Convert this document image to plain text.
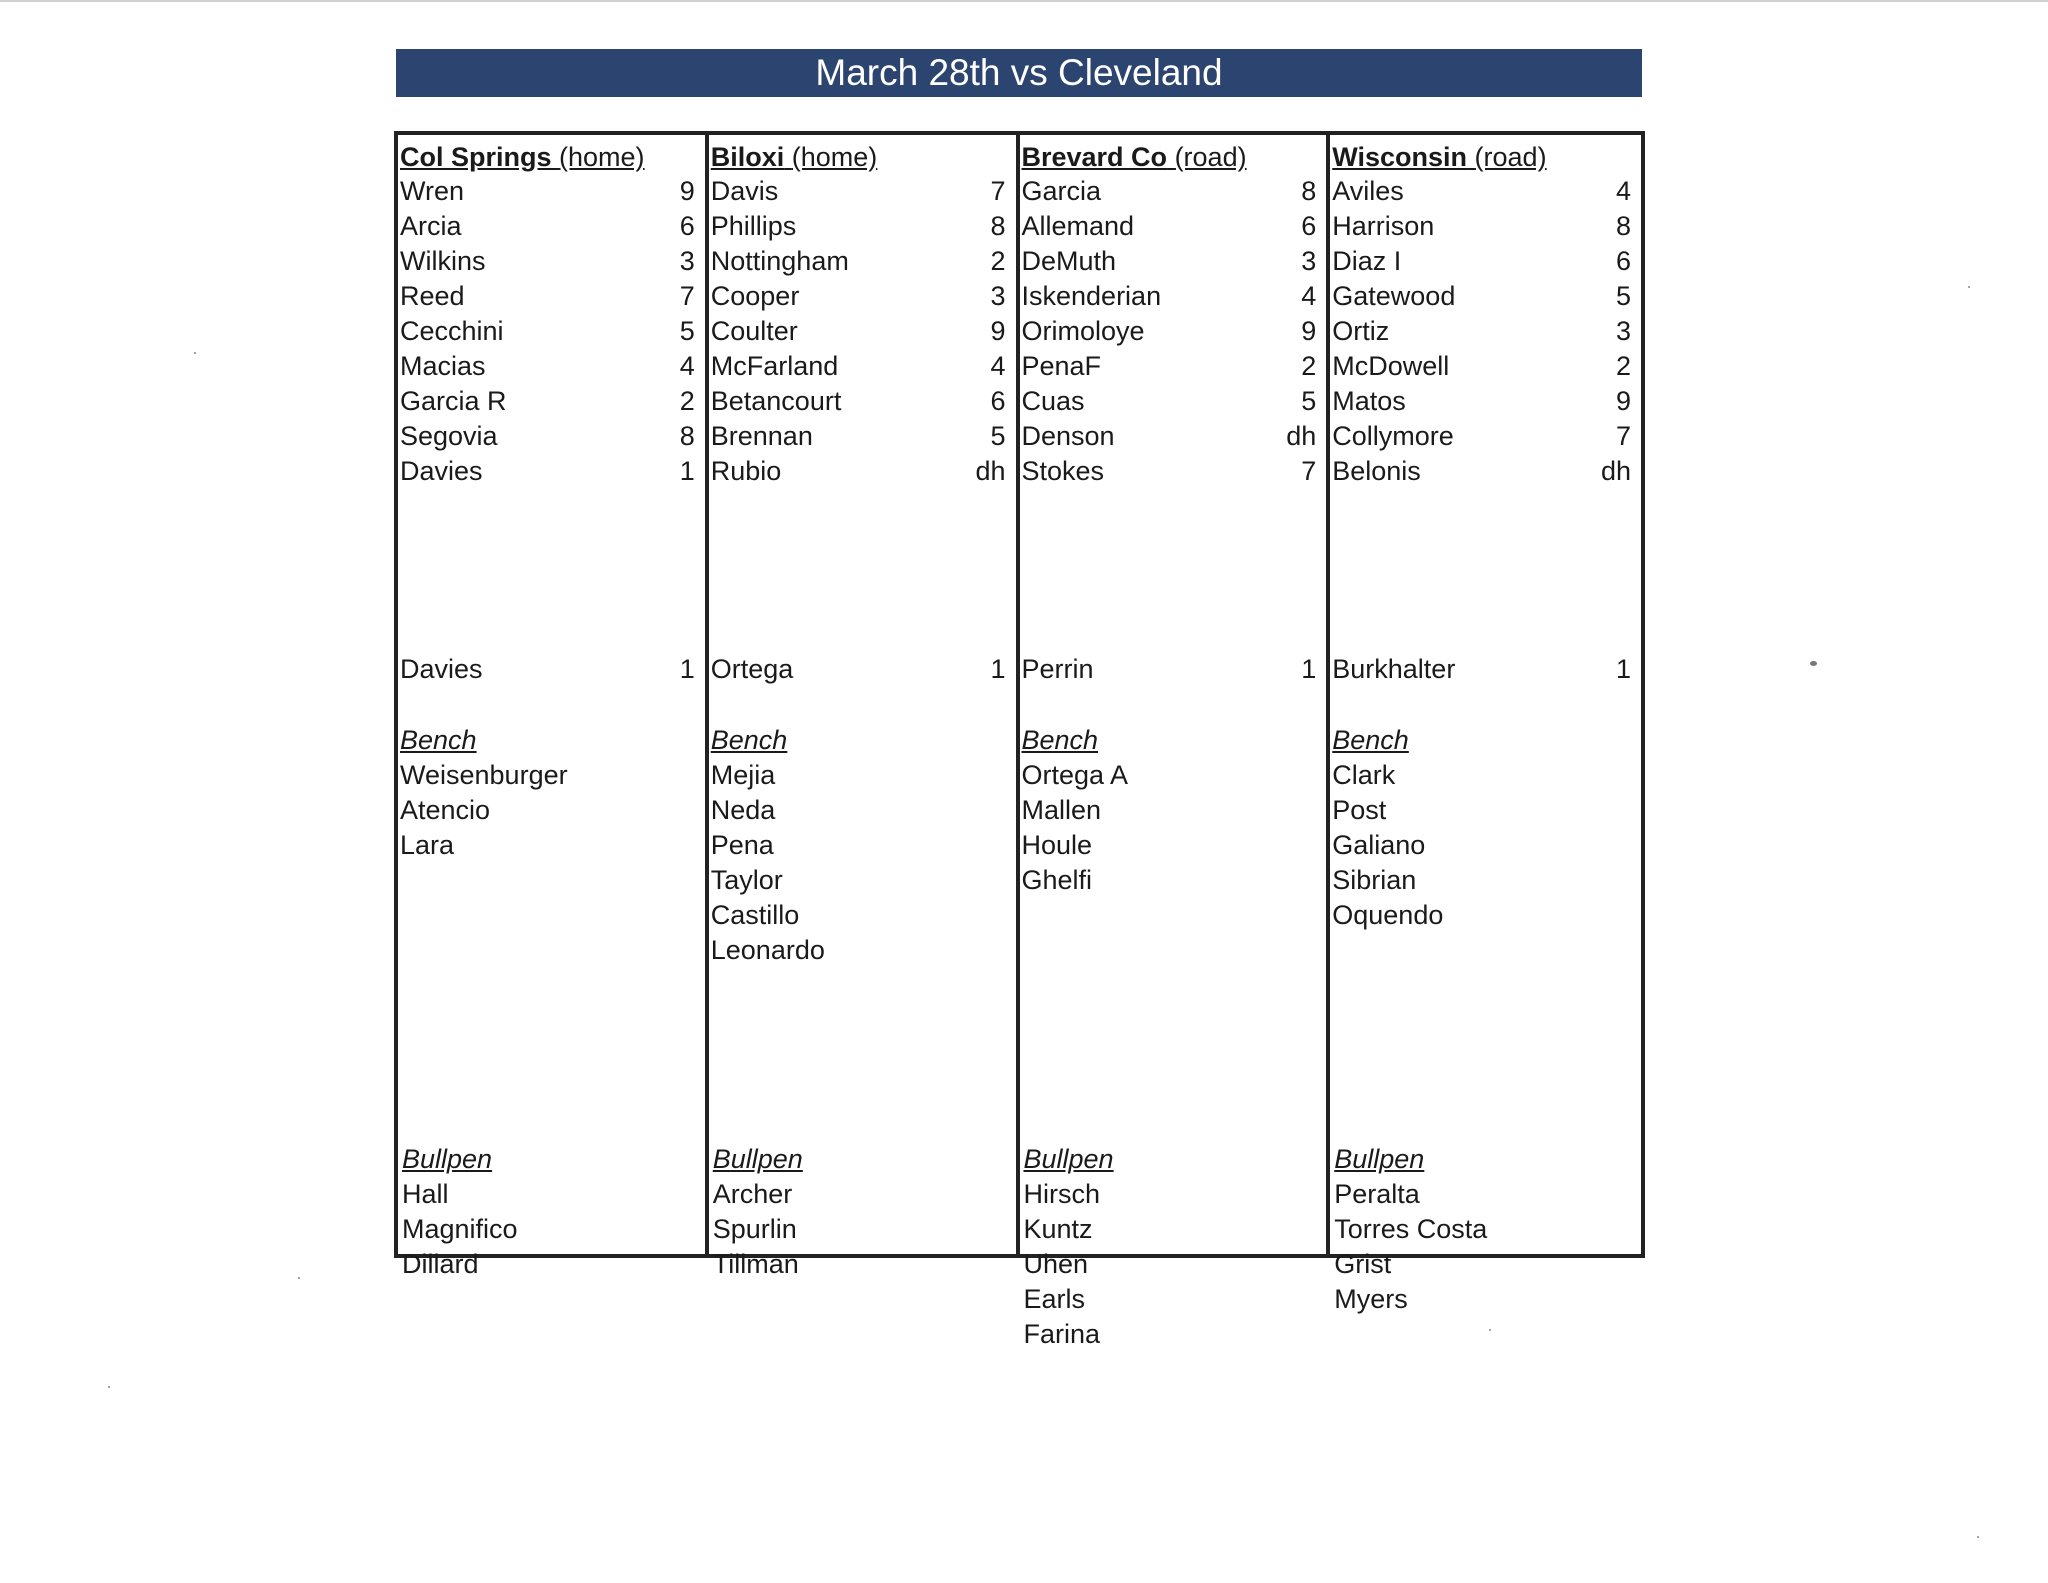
March 28th vs Cleveland
Col Springs (home)
Wren	9
Arcia	6
Wilkins	3
Reed	7
Cecchini	5
Macias	4
Garcia R	2
Segovia	8
Davies	1
Davies	1
Bench
Weisenburger
Atencio
Lara
Bullpen
Hall
Magnifico
Dillard
Biloxi (home)
Davis	7
Phillips	8
Nottingham	2
Cooper	3
Coulter	9
McFarland	4
Betancourt	6
Brennan	5
Rubio	dh
Ortega	1
Bench
Mejia
Neda
Pena
Taylor
Castillo
Leonardo
Bullpen
Archer
Spurlin
Tillman
Brevard Co (road)
Garcia	8
Allemand	6
DeMuth	3
Iskenderian	4
Orimoloye	9
PenaF	2
Cuas	5
Denson	dh
Stokes	7
Perrin	1
Bench
Ortega A
Mallen
Houle
Ghelfi
Bullpen
Hirsch
Kuntz
Uhen
Earls
Farina
Wisconsin (road)
Aviles	4
Harrison	8
Diaz I	6
Gatewood	5
Ortiz	3
McDowell	2
Matos	9
Collymore	7
Belonis	dh
Burkhalter	1
Bench
Clark
Post
Galiano
Sibrian
Oquendo
Bullpen
Peralta
Torres Costa
Grist
Myers
